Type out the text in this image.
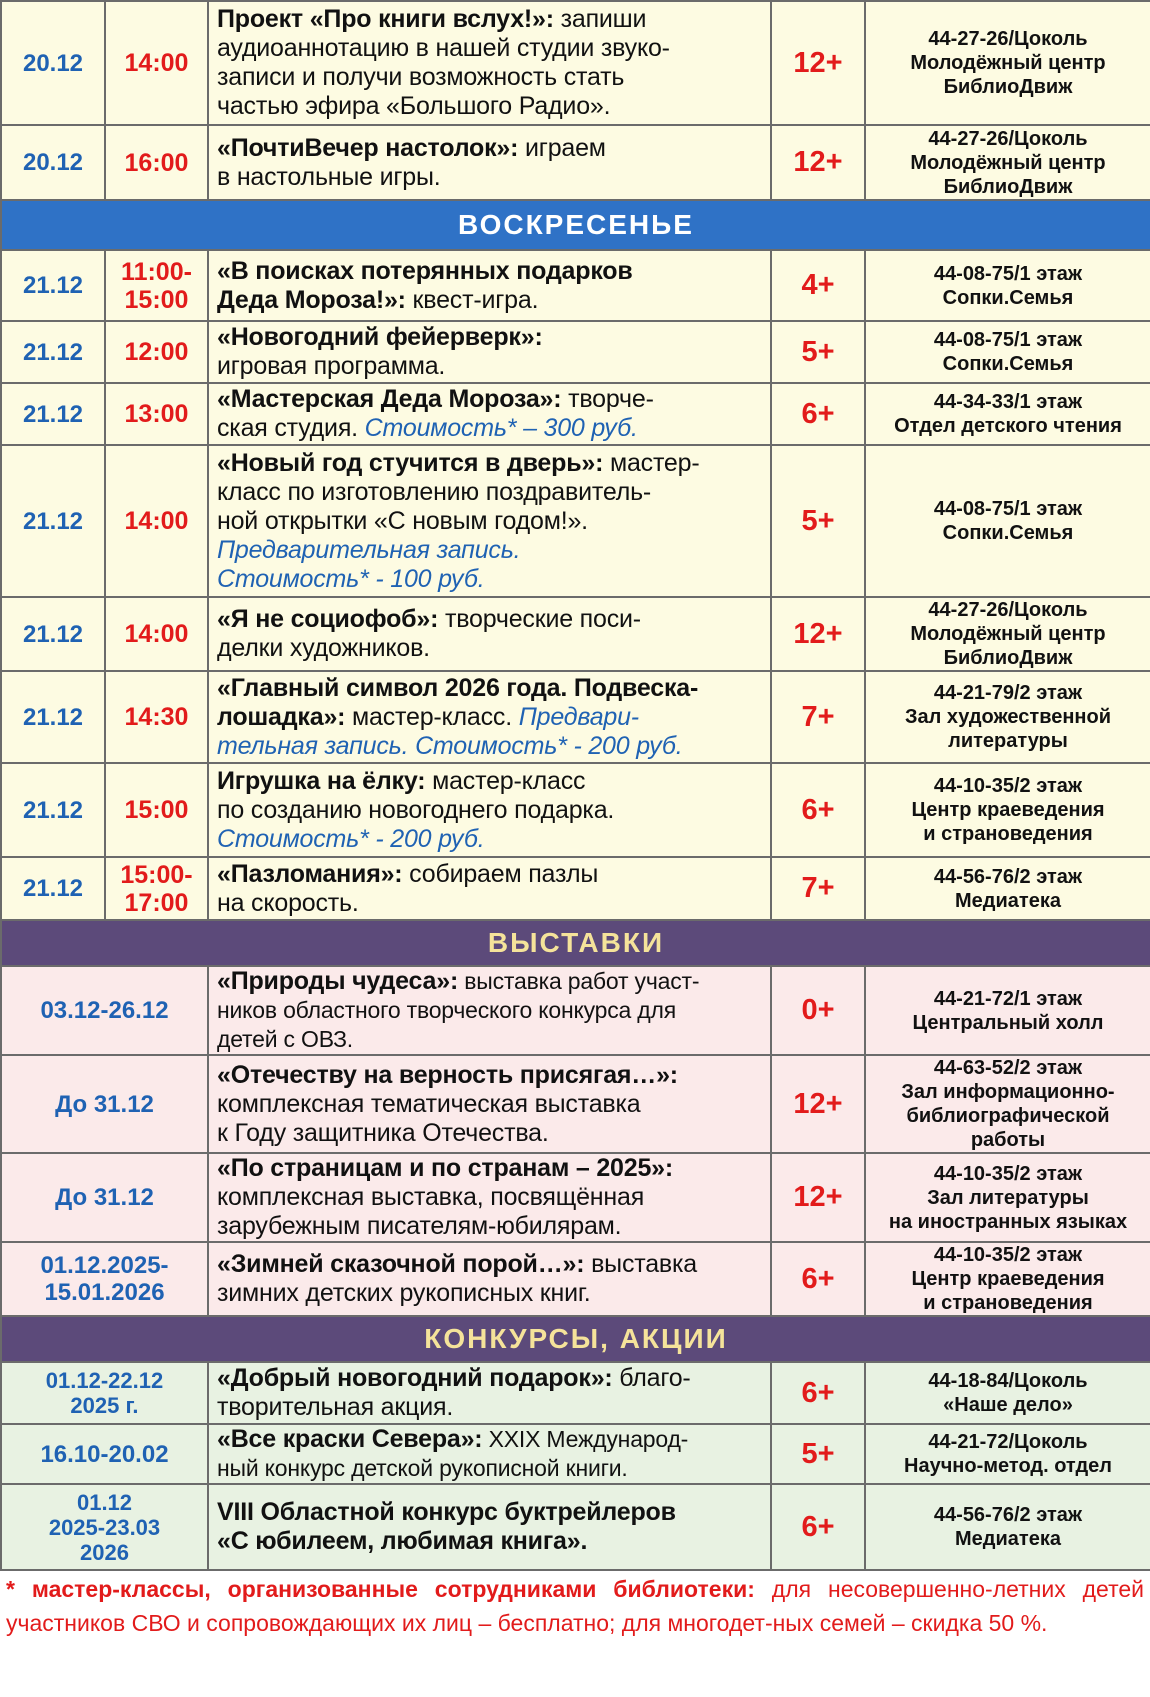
20.12	14:00	Проект «Про книги вслух!»: запиши
аудиоаннотацию в нашей студии звуко-
записи и получи возможность стать
частью эфира «Большого Радио».	12+	44-27-26/Цоколь
Молодёжный центр
БиблиоДвиж
20.12	16:00	«ПочтиВечер настолок»: играем
в настольные игры.	12+	44-27-26/Цоколь
Молодёжный центр
БиблиоДвиж
ВОСКРЕСЕНЬЕ				
21.12	11:00-
15:00	«В поисках потерянных подарков
Деда Мороза!»: квест-игра.	4+	44-08-75/1 этаж
Сопки.Семья
21.12	12:00	«Новогодний фейерверк»:
игровая программа.	5+	44-08-75/1 этаж
Сопки.Семья
21.12	13:00	«Мастерская Деда Мороза»: творче-
ская студия. Стоимость* – 300 руб.	6+	44-34-33/1 этаж
Отдел детского чтения
21.12	14:00	«Новый год стучится в дверь»: мастер-
класс по изготовлению поздравитель-
ной открытки «С новым годом!».
Предварительная запись.
Стоимость* - 100 руб.	5+	44-08-75/1 этаж
Сопки.Семья
21.12	14:00	«Я не социофоб»: творческие поси-
делки художников.	12+	44-27-26/Цоколь
Молодёжный центр
БиблиоДвиж
21.12	14:30	«Главный символ 2026 года. Подвеска-
лошадка»: мастер-класс. Предвари-
тельная запись. Стоимость* - 200 руб.	7+	44-21-79/2 этаж
Зал художественной
литературы
21.12	15:00	Игрушка на ёлку: мастер-класс
по созданию новогоднего подарка.
Стоимость* - 200 руб.	6+	44-10-35/2 этаж
Центр краеведения
и страноведения
21.12	15:00-
17:00	«Пазломания»: собираем пазлы
на скорость.	7+	44-56-76/2 этаж
Медиатека
ВЫСТАВКИ				
03.12-26.12		«Природы чудеса»: выставка работ участ-
ников областного творческого конкурса для
детей с ОВЗ.	0+	44-21-72/1 этаж
Центральный холл
До 31.12		«Отечеству на верность присягая…»:
комплексная тематическая выставка
к Году защитника Отечества.	12+	44-63-52/2 этаж
Зал информационно-
библиографической
работы
До 31.12		«По страницам и по странам – 2025»:
комплексная выставка, посвящённая
зарубежным писателям-юбилярам.	12+	44-10-35/2 этаж
Зал литературы
на иностранных языках
01.12.2025-
15.01.2026		«Зимней сказочной порой…»: выставка
зимних детских рукописных книг.	6+	44-10-35/2 этаж
Центр краеведения
и страноведения
КОНКУРСЫ, АКЦИИ				
01.12-22.12
2025 г.		«Добрый новогодний подарок»: благо-
творительная акция.	6+	44-18-84/Цоколь
«Наше дело»
16.10-20.02		«Все краски Севера»: XXIX Международ-
ный конкурс детской рукописной книги.	5+	44-21-72/Цоколь
Научно-метод. отдел
01.12
2025-23.03
2026		VIII Областной конкурс буктрейлеров
«С юбилеем, любимая книга».	6+	44-56-76/2 этаж
Медиатека
* мастер-классы, организованные сотрудниками библиотеки: для несовершенно-летних детей участников СВО и сопровождающих их лиц – бесплатно; для многодет-ных семей – скидка 50 %.
